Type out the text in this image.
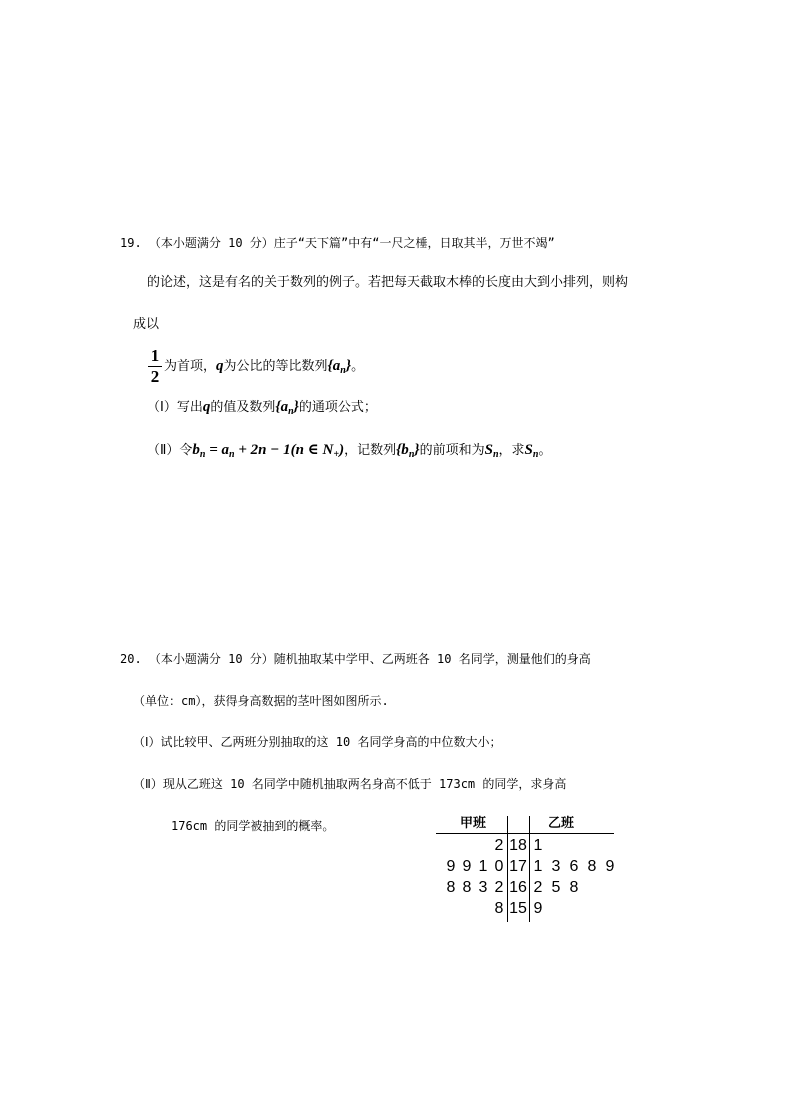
19. （本小题满分 10 分）庄子“天下篇”中有“一尺之棰，日取其半，万世不竭”
的论述，这是有名的关于数列的例子。若把每天截取木棒的长度由大到小排列，则构
成以
1
2
为首项，q为公比的等比数列$\{a_n\}$。
（Ⅰ）写出q的值及数列$\{a_n\}$的通项公式；
（Ⅱ）令$b_n = a_n + 2n - 1(n$ ∈ $N_+$)，记数列$\{b_n\}$的前项和为$S_n$，求$S_n$。
20. （本小题满分 10 分）随机抽取某中学甲、乙两班各 10 名同学，测量他们的身高
（单位：cm），获得身高数据的茎叶图如图所示.
（Ⅰ）试比较甲、乙两班分别抽取的这 10 名同学身高的中位数大小；
（Ⅱ）现从乙班这 10 名同学中随机抽取两名身高不低于 173cm 的同学，求身高
176cm 的同学被抽到的概率。	甲班	乙班
2 18 1
9 9 1 0 17 1 3 6 8 9
8 8 3 2 16 2 5 8
8 15 9
